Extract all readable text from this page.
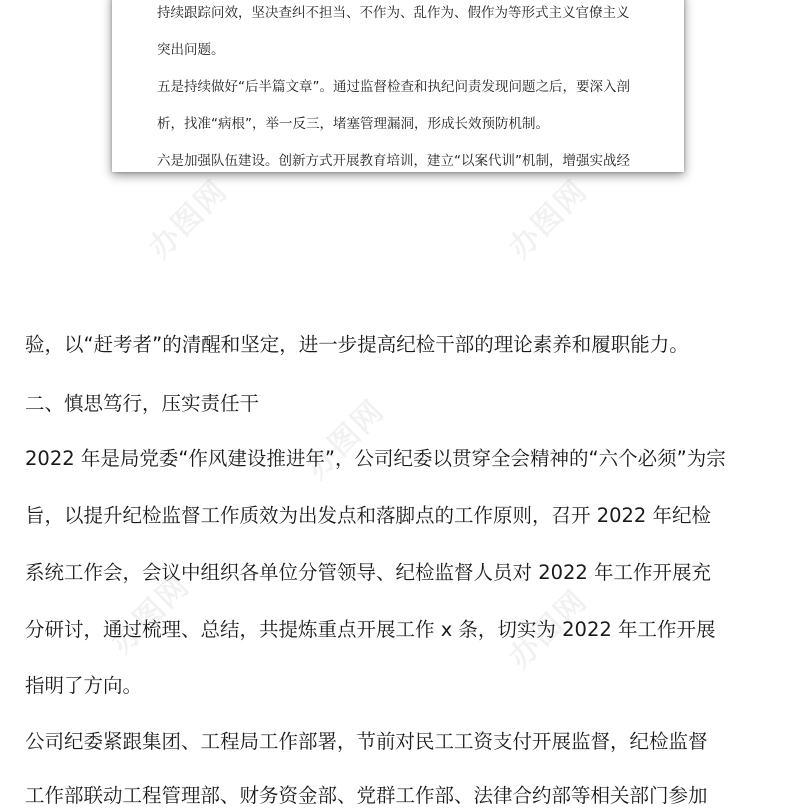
办图网	办图网
办图网
办图网	办图网

持续跟踪问效，坚决查纠不担当、不作为、乱作为、假作为等形式主义官僚主义

突出问题。

五是持续做好“后半篇文章”。通过监督检查和执纪问责发现问题之后，要深入剖

析，找准“病根”，举一反三，堵塞管理漏洞，形成长效预防机制。

六是加强队伍建设。创新方式开展教育培训，建立“以案代训”机制，增强实战经

验，以“赶考者”的清醒和坚定，进一步提高纪检干部的理论素养和履职能力。

二、慎思笃行，压实责任干

2022 年是局党委“作风建设推进年”，公司纪委以贯穿全会精神的“六个必须”为宗

旨，以提升纪检监督工作质效为出发点和落脚点的工作原则，召开 2022 年纪检

系统工作会，会议中组织各单位分管领导、纪检监督人员对 2022 年工作开展充

分研讨，通过梳理、总结，共提炼重点开展工作 x 条，切实为 2022 年工作开展

指明了方向。

公司纪委紧跟集团、工程局工作部署，节前对民工工资支付开展监督，纪检监督

工作部联动工程管理部、财务资金部、党群工作部、法律合约部等相关部门参加
